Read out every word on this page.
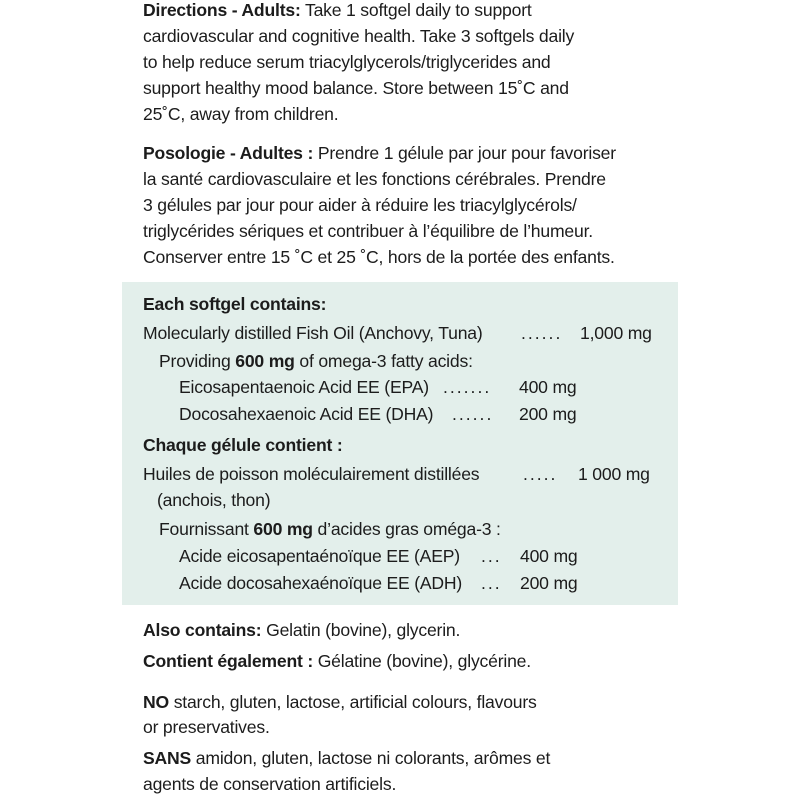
Directions - Adults: Take 1 softgel daily to support
cardiovascular and cognitive health. Take 3 softgels daily
to help reduce serum triacylglycerols/triglycerides and
support healthy mood balance. Store between 15˚C and
25˚C, away from children.
Posologie - Adultes : Prendre 1 gélule par jour pour favoriser
la santé cardiovasculaire et les fonctions cérébrales. Prendre
3 gélules par jour pour aider à réduire les triacylglycérols/
triglycérides sériques et contribuer à l’équilibre de l’humeur.
Conserver entre 15 ˚C et 25 ˚C, hors de la portée des enfants.
Each softgel contains:
Molecularly distilled Fish Oil (Anchovy, Tuna) ...... 1,000 mg
Providing 600 mg of omega-3 fatty acids:
Eicosapentaenoic Acid EE (EPA) ....... 400 mg
Docosahexaenoic Acid EE (DHA) ...... 200 mg
Chaque gélule contient :
Huiles de poisson moléculairement distillées ..... 1 000 mg
(anchois, thon)
Fournissant 600 mg d’acides gras oméga-3 :
Acide eicosapentaénoïque EE (AEP) ... 400 mg
Acide docosahexaénoïque EE (ADH) ... 200 mg
Also contains: Gelatin (bovine), glycerin.
Contient également : Gélatine (bovine), glycérine.
NO starch, gluten, lactose, artificial colours, flavours
or preservatives.
SANS amidon, gluten, lactose ni colorants, arômes et
agents de conservation artificiels.
